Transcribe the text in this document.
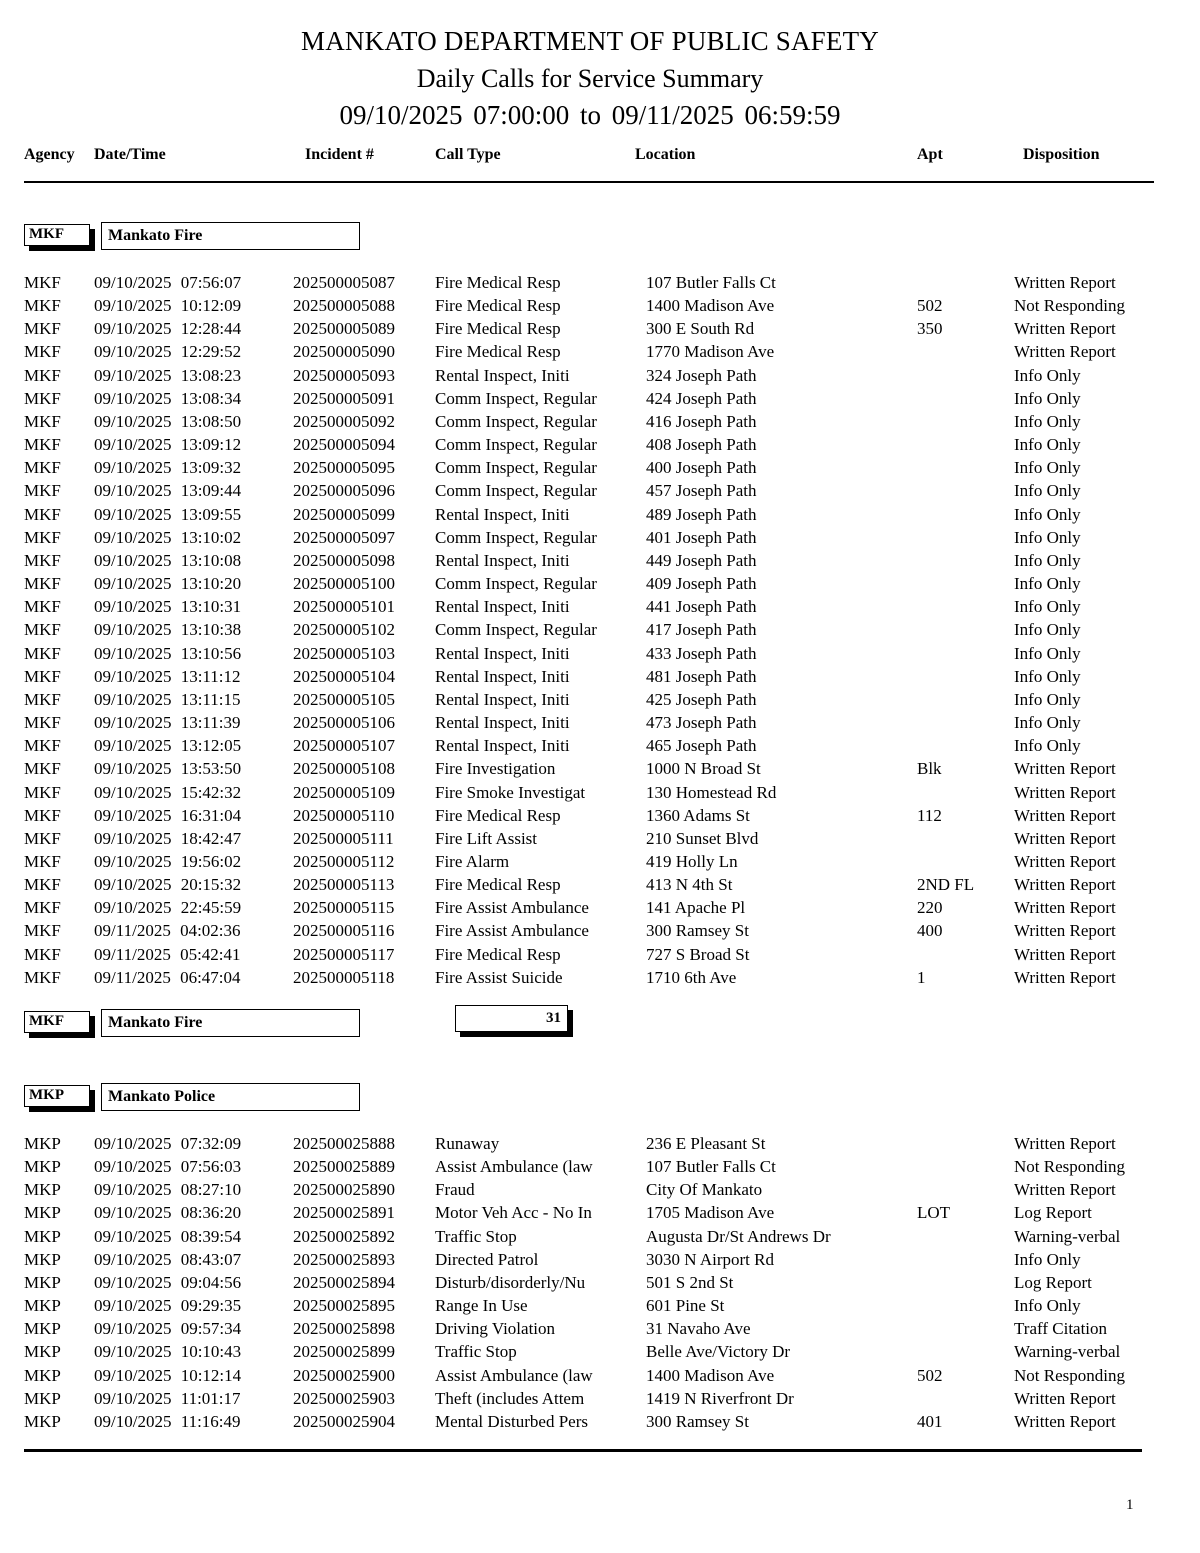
MANKATO DEPARTMENT OF PUBLIC SAFETY
Daily Calls for Service Summary
09/10/2025 07:00:00 to 09/11/2025 06:59:59
Agency Date/Time	Incident #	Call Type	Location	Apt	Disposition
MKF	Mankato Fire
MKF 09/10/2025 07:56:07	202500005087 Fire Medical Resp	107 Butler Falls Ct	Written Report
MKF 09/10/2025 10:12:09	202500005088 Fire Medical Resp	1400 Madison Ave	502	Not Responding
MKF 09/10/2025 12:28:44	202500005089 Fire Medical Resp	300 E South Rd	350	Written Report
MKF 09/10/2025 12:29:52	202500005090 Fire Medical Resp	1770 Madison Ave	Written Report
MKF 09/10/2025 13:08:23	202500005093 Rental Inspect, Initi	324 Joseph Path	Info Only
MKF 09/10/2025 13:08:34	202500005091 Comm Inspect, Regular	424 Joseph Path	Info Only
MKF 09/10/2025 13:08:50	202500005092 Comm Inspect, Regular	416 Joseph Path	Info Only
MKF 09/10/2025 13:09:12	202500005094 Comm Inspect, Regular	408 Joseph Path	Info Only
MKF 09/10/2025 13:09:32	202500005095 Comm Inspect, Regular	400 Joseph Path	Info Only
MKF 09/10/2025 13:09:44	202500005096 Comm Inspect, Regular	457 Joseph Path	Info Only
MKF 09/10/2025 13:09:55	202500005099 Rental Inspect, Initi	489 Joseph Path	Info Only
MKF 09/10/2025 13:10:02	202500005097 Comm Inspect, Regular	401 Joseph Path	Info Only
MKF 09/10/2025 13:10:08	202500005098 Rental Inspect, Initi	449 Joseph Path	Info Only
MKF 09/10/2025 13:10:20	202500005100 Comm Inspect, Regular	409 Joseph Path	Info Only
MKF 09/10/2025 13:10:31	202500005101 Rental Inspect, Initi	441 Joseph Path	Info Only
MKF 09/10/2025 13:10:38	202500005102 Comm Inspect, Regular	417 Joseph Path	Info Only
MKF 09/10/2025 13:10:56	202500005103 Rental Inspect, Initi	433 Joseph Path	Info Only
MKF 09/10/2025 13:11:12	202500005104 Rental Inspect, Initi	481 Joseph Path	Info Only
MKF 09/10/2025 13:11:15	202500005105 Rental Inspect, Initi	425 Joseph Path	Info Only
MKF 09/10/2025 13:11:39	202500005106 Rental Inspect, Initi	473 Joseph Path	Info Only
MKF 09/10/2025 13:12:05	202500005107 Rental Inspect, Initi	465 Joseph Path	Info Only
MKF 09/10/2025 13:53:50	202500005108 Fire Investigation	1000 N Broad St	Blk	Written Report
MKF 09/10/2025 15:42:32	202500005109 Fire Smoke Investigat	130 Homestead Rd	Written Report
MKF 09/10/2025 16:31:04	202500005110 Fire Medical Resp	1360 Adams St	112	Written Report
MKF 09/10/2025 18:42:47	202500005111 Fire Lift Assist	210 Sunset Blvd	Written Report
MKF 09/10/2025 19:56:02	202500005112 Fire Alarm	419 Holly Ln	Written Report
MKF 09/10/2025 20:15:32	202500005113 Fire Medical Resp	413 N 4th St	2ND FL Written Report
MKF 09/10/2025 22:45:59	202500005115 Fire Assist Ambulance	141 Apache Pl	220	Written Report
MKF 09/11/2025 04:02:36	202500005116 Fire Assist Ambulance	300 Ramsey St	400	Written Report
MKF 09/11/2025 05:42:41	202500005117 Fire Medical Resp	727 S Broad St	Written Report
MKF 09/11/2025 06:47:04	202500005118 Fire Assist Suicide	1710 6th Ave	1	Written Report
MKF	Mankato Fire	31
MKP	Mankato Police
MKP 09/10/2025 07:32:09	202500025888 Runaway	236 E Pleasant St	Written Report
MKP 09/10/2025 07:56:03	202500025889 Assist Ambulance (law	107 Butler Falls Ct	Not Responding
MKP 09/10/2025 08:27:10	202500025890 Fraud	City Of Mankato	Written Report
MKP 09/10/2025 08:36:20	202500025891 Motor Veh Acc - No In	1705 Madison Ave	LOT	Log Report
MKP 09/10/2025 08:39:54	202500025892 Traffic Stop	Augusta Dr/St Andrews Dr	Warning-verbal
MKP 09/10/2025 08:43:07	202500025893 Directed Patrol	3030 N Airport Rd	Info Only
MKP 09/10/2025 09:04:56	202500025894 Disturb/disorderly/Nu	501 S 2nd St	Log Report
MKP 09/10/2025 09:29:35	202500025895 Range In Use	601 Pine St	Info Only
MKP 09/10/2025 09:57:34	202500025898 Driving Violation	31 Navaho Ave	Traff Citation
MKP 09/10/2025 10:10:43	202500025899 Traffic Stop	Belle Ave/Victory Dr	Warning-verbal
MKP 09/10/2025 10:12:14	202500025900 Assist Ambulance (law	1400 Madison Ave	502	Not Responding
MKP 09/10/2025 11:01:17	202500025903 Theft (includes Attem	1419 N Riverfront Dr	Written Report
MKP 09/10/2025 11:16:49	202500025904 Mental Disturbed Pers	300 Ramsey St	401	Written Report
1
